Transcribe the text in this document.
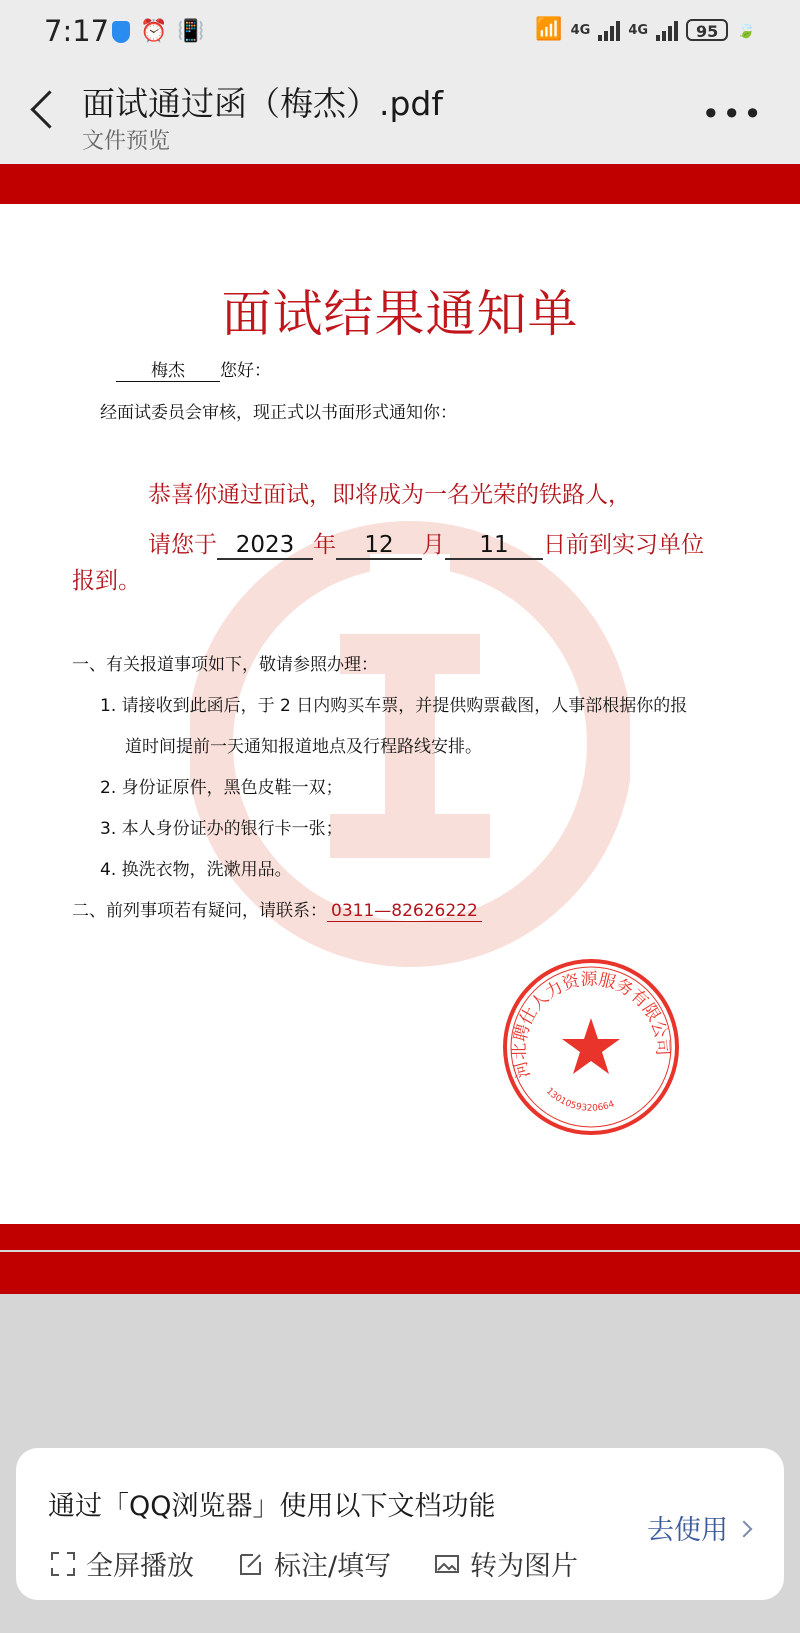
7:17 ⏰ 📳	📶 4G	4G	95	🍃
面试通过函（梅杰）.pdf
文件预览
•••
面试结果通知单
梅杰 您好：
经面试委员会审核，现正式以书面形式通知你：
恭喜你通过面试，即将成为一名光荣的铁路人，
请您于 2023 年 12 月 11 日前到实习单位
报到。
一、有关报道事项如下，敬请参照办理：
1. 请接收到此函后，于 2 日内购买车票，并提供购票截图，人事部根据你的报
道时间提前一天通知报道地点及行程路线安排。
2. 身份证原件，黑色皮鞋一双；
3. 本人身份证办的银行卡一张；
4. 换洗衣物，洗漱用品。
二、前列事项若有疑问，请联系： 0311—82626222
河北聘仕人力资源服务有限公司
1301059320664
通过「QQ浏览器」使用以下文档功能
全屏播放	标注/填写	转为图片
去使用
